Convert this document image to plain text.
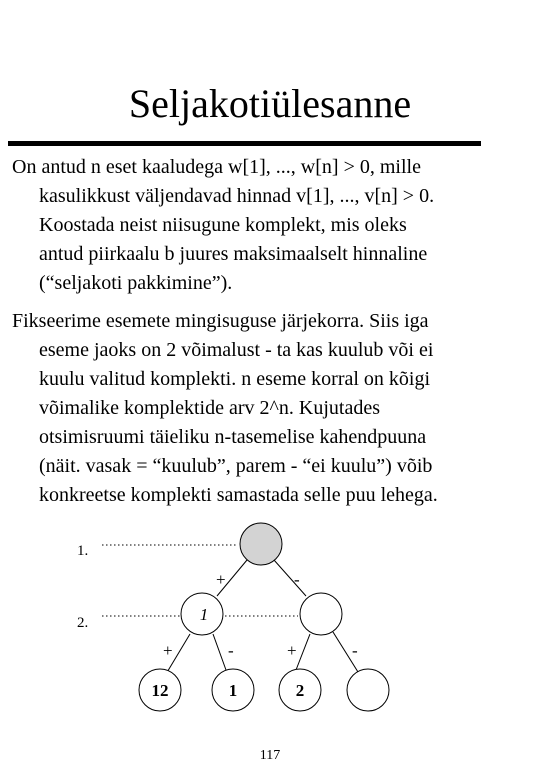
Seljakotiülesanne
On antud n eset kaaludega w[1], ..., w[n] > 0, mille
kasulikkust väljendavad hinnad v[1], ..., v[n] > 0.
Koostada neist niisugune komplekt, mis oleks
antud piirkaalu b juures maksimaalselt hinnaline
(“seljakoti pakkimine”).
Fikseerime esemete mingisuguse järjekorra. Siis iga
eseme jaoks on 2 võimalust - ta kas kuulub või ei
kuulu valitud komplekti. n eseme korral on kõigi
võimalike komplektide arv 2^n. Kujutades
otsimisruumi täieliku n-tasemelise kahendpuuna
(näit. vasak = “kuulub”, parem - “ei kuulu”) võib
konkreetse komplekti samastada selle puu lehega.
1.
2.
+	-
+	-	+	-
1
12	1	2
117
